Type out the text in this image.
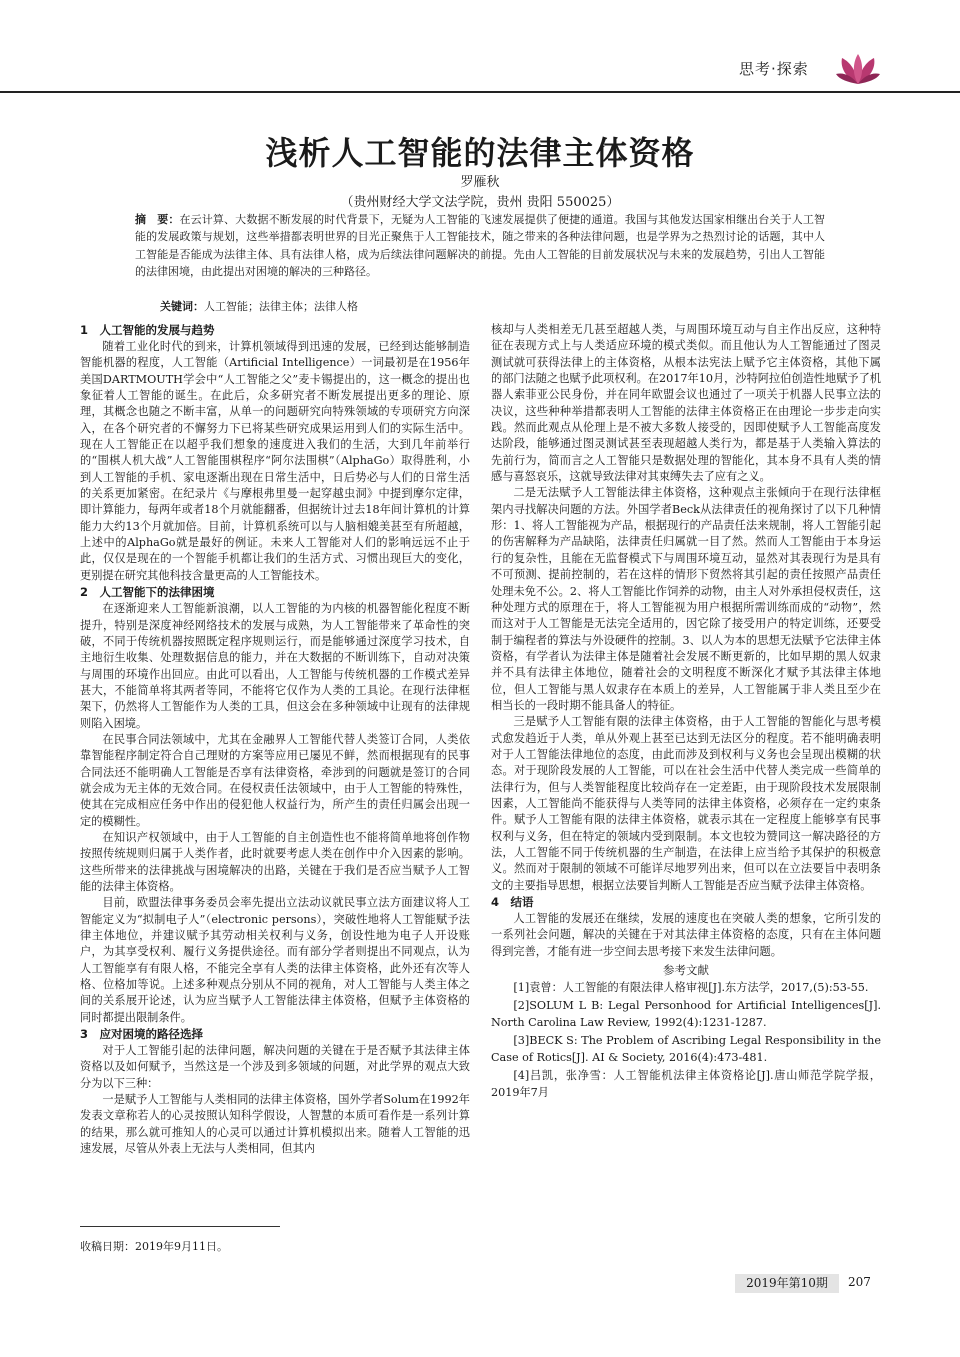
思考·探索
浅析人工智能的法律主体资格
罗雁秋
（贵州财经大学文法学院，贵州 贵阳 550025）
摘　要：在云计算、大数据不断发展的时代背景下，无疑为人工智能的飞速发展提供了便捷的通道。我国与其他发达国家相继出台关于人工智能的发展政策与规划，这些举措都表明世界的目光正聚焦于人工智能技术，随之带来的各种法律问题，也是学界为之热烈讨论的话题，其中人工智能是否能成为法律主体、具有法律人格，成为后续法律问题解决的前提。先由人工智能的目前发展状况与未来的发展趋势，引出人工智能的法律困境，由此提出对困境的解决的三种路径。
关键词：人工智能；法律主体；法律人格
1　人工智能的发展与趋势

随着工业化时代的到来，计算机领域得到迅速的发展，已经到达能够制造智能机器的程度，人工智能（Artificial Intelligence）一词最初是在1956年美国DARTMOUTH学会中“人工智能之父”麦卡锡提出的，这一概念的提出也象征着人工智能的诞生。在此后，众多研究者不断发展提出更多的理论、原理，其概念也随之不断丰富，从单一的问题研究向特殊领域的专项研究方向深入，在各个研究者的不懈努力下已将某些研究成果运用到人们的实际生活中。现在人工智能正在以超乎我们想象的速度进入我们的生活，大到几年前举行的“围棋人机大战”人工智能围棋程序“阿尔法围棋”（AlphaGo）取得胜利，小到人工智能的手机、家电逐渐出现在日常生活中，日后势必与人们的日常生活的关系更加紧密。在纪录片《与摩根弗里曼一起穿越虫洞》中提到摩尔定律，即计算能力，每两年或者18个月就能翻番，但据统计过去18年间计算机的计算能力大约13个月就加倍。目前，计算机系统可以与人脑相媲美甚至有所超越，上述中的AlphaGo就是最好的例证。未来人工智能对人们的影响远远不止于此，仅仅是现在的一个智能手机都让我们的生活方式、习惯出现巨大的变化，更别提在研究其他科技含量更高的人工智能技术。

2　人工智能下的法律困境

在逐渐迎来人工智能新浪潮，以人工智能的为内核的机器智能化程度不断提升，特别是深度神经网络技术的发展与成熟，为人工智能带来了革命性的突破，不同于传统机器按照既定程序规则运行，而是能够通过深度学习技术，自主地衍生收集、处理数据信息的能力，并在大数据的不断训练下，自动对决策与周围的环境作出回应。由此可以看出，人工智能与传统机器的工作模式差异甚大，不能简单将其两者等同，不能将它仅作为人类的工具论。在现行法律框架下，仍然将人工智能作为人类的工具，但这会在多种领域中让现有的法律规则陷入困境。

在民事合同法领域中，尤其在金融界人工智能代替人类签订合同，人类依靠智能程序制定符合自己理财的方案等应用已屡见不鲜，然而根据现有的民事合同法还不能明确人工智能是否享有法律资格，牵涉到的问题就是签订的合同就会成为无主体的无效合同。在侵权责任法领域中，由于人工智能的特殊性，使其在完成相应任务中作出的侵犯他人权益行为，所产生的责任归属会出现一定的模糊性。

在知识产权领域中，由于人工智能的自主创造性也不能将简单地将创作物按照传统规则归属于人类作者，此时就要考虑人类在创作中介入因素的影响。这些所带来的法律挑战与困境解决的出路，关键在于我们是否应当赋予人工智能的法律主体资格。

目前，欧盟法律事务委员会率先提出立法动议就民事立法方面建议将人工智能定义为“拟制电子人”（electronic persons），突破性地将人工智能赋予法律主体地位，并建议赋予其劳动相关权利与义务，创设性地为电子人开设账户，为其享受权利、履行义务提供途径。而有部分学者则提出不同观点，认为人工智能享有有限人格，不能完全享有人类的法律主体资格，此外还有次等人格、位格加等说。上述多种观点分别从不同的视角，对人工智能与人类主体之间的关系展开论述，认为应当赋予人工智能法律主体资格，但赋予主体资格的同时都提出限制条件。

3　应对困境的路径选择

对于人工智能引起的法律问题，解决问题的关键在于是否赋予其法律主体资格以及如何赋予，当然这是一个涉及到多领域的问题，对此学界的观点大致分为以下三种：

一是赋予人工智能与人类相同的法律主体资格，国外学者Solum在1992年发表文章称若人的心灵按照认知科学假设，人智慧的本质可看作是一系列计算的结果，那么就可推知人的心灵可以通过计算机模拟出来。随着人工智能的迅速发展，尽管从外表上无法与人类相同，但其内

核却与人类相差无几甚至超越人类，与周围环境互动与自主作出反应，这种特征在表现方式上与人类适应环境的模式类似。而且他认为人工智能通过了图灵测试就可获得法律上的主体资格，从根本法宪法上赋予它主体资格，其他下属的部门法随之也赋予此项权利。在2017年10月，沙特阿拉伯创造性地赋予了机器人索菲亚公民身份，并在同年欧盟会议也通过了一项关于机器人民事立法的决议，这些种种举措都表明人工智能的法律主体资格正在由理论一步步走向实践。然而此观点从伦理上是不被大多数人接受的，因即使赋予人工智能高度发达阶段，能够通过图灵测试甚至表现超越人类行为，都是基于人类输入算法的先前行为，简而言之人工智能只是数据处理的智能化，其本身不具有人类的情感与喜怒哀乐，这就导致法律对其束缚失去了应有之义。

二是无法赋予人工智能法律主体资格，这种观点主张倾向于在现行法律框架内寻找解决问题的方法。外国学者Beck从法律责任的视角探讨了以下几种情形：1、将人工智能视为产品，根据现行的产品责任法来规制，将人工智能引起的伤害解释为产品缺陷，法律责任归属就一目了然。然而人工智能由于本身运行的复杂性，且能在无监督模式下与周围环境互动，显然对其表现行为是具有不可预测、提前控制的，若在这样的情形下贸然将其引起的责任按照产品责任处理未免不公。2、将人工智能比作饲养的动物，由主人对外承担侵权责任，这种处理方式的原理在于，将人工智能视为用户根据所需训练而成的“动物”，然而这对于人工智能是无法完全适用的，因它除了接受用户的特定训练，还要受制于编程者的算法与外设硬件的控制。3、以人为本的思想无法赋予它法律主体资格，有学者认为法律主体是随着社会发展不断更新的，比如早期的黑人奴隶并不具有法律主体地位，随着社会的文明程度不断深化才赋予其法律主体地位，但人工智能与黑人奴隶存在本质上的差异，人工智能属于非人类且至少在相当长的一段时期不能具备人的特征。

三是赋予人工智能有限的法律主体资格，由于人工智能的智能化与思考模式愈发趋近于人类，单从外观上甚至已达到无法区分的程度。若不能明确表明对于人工智能法律地位的态度，由此而涉及到权利与义务也会呈现出模糊的状态。对于现阶段发展的人工智能，可以在社会生活中代替人类完成一些简单的法律行为，但与人类智能程度比较尚存在一定差距，由于现阶段技术发展限制因素，人工智能尚不能获得与人类等同的法律主体资格，必须存在一定约束条件。赋予人工智能有限的法律主体资格，就表示其在一定程度上能够享有民事权利与义务，但在特定的领域内受到限制。本文也较为赞同这一解决路径的方法，人工智能不同于传统机器的生产制造，在法律上应当给予其保护的积极意义。然而对于限制的领域不可能详尽地罗列出来，但可以在立法要旨中表明条文的主要指导思想，根据立法要旨判断人工智能是否应当赋予法律主体资格。

4　结语

人工智能的发展还在继续，发展的速度也在突破人类的想象，它所引发的一系列社会问题，解决的关键在于对其法律主体资格的态度，只有在主体问题得到完善，才能有进一步空间去思考接下来发生法律问题。

参考文献

[1]袁曾：人工智能的有限法律人格审视[J].东方法学，2017,(5):53-55.

[2]SOLUM L B: Legal Personhood for Artificial Intelligences[J]. North Carolina Law Review, 1992(4):1231-1287.

[3]BECK S: The Problem of Ascribing Legal Responsibility in the Case of Rotics[J]. AI & Society, 2016(4):473-481.

[4]吕凯，张净雪：人工智能机法律主体资格论[J].唐山师范学院学报，2019年7月

收稿日期：2019年9月11日。
2019年第10期	207
